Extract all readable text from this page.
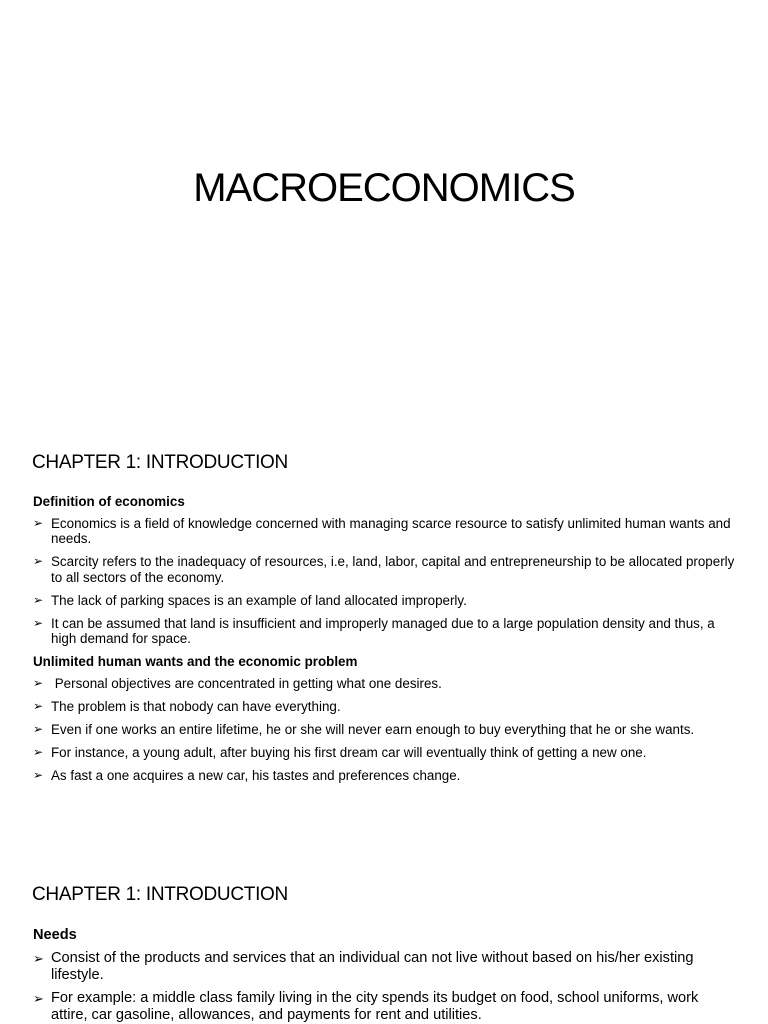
MACROECONOMICS
CHAPTER 1: INTRODUCTION
Definition of economics
➢ Economics is a field of knowledge concerned with managing scarce resource to satisfy unlimited human wants and needs.
➢ Scarcity refers to the inadequacy of resources, i.e, land, labor, capital and entrepreneurship to be allocated properly to all sectors of the economy.
➢ The lack of parking spaces is an example of land allocated improperly.
➢ It can be assumed that land is insufficient and improperly managed due to a large population density and thus, a high demand for space.
Unlimited human wants and the economic problem
➢ Personal objectives are concentrated in getting what one desires.
➢ The problem is that nobody can have everything.
➢ Even if one works an entire lifetime, he or she will never earn enough to buy everything that he or she wants.
➢ For instance, a young adult, after buying his first dream car will eventually think of getting a new one.
➢ As fast a one acquires a new car, his tastes and preferences change.
CHAPTER 1: INTRODUCTION
Needs
➢ Consist of the products and services that an individual can not live without based on his/her existing lifestyle.
➢ For example: a middle class family living in the city spends its budget on food, school uniforms, work attire, car gasoline, allowances, and payments for rent and utilities.
